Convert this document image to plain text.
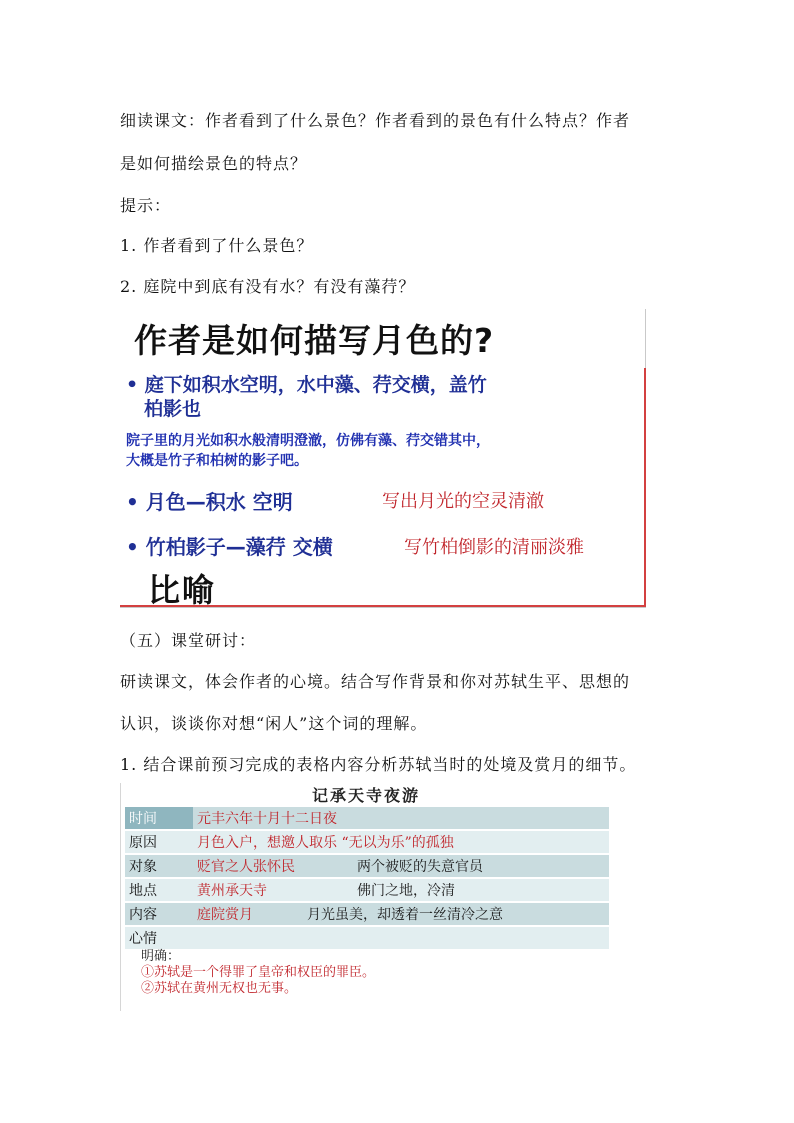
细读课文：作者看到了什么景色？作者看到的景色有什么特点？作者
是如何描绘景色的特点？
提示：
1. 作者看到了什么景色？
2. 庭院中到底有没有水？有没有藻荇？
作者是如何描写月色的?
• 庭下如积水空明，水中藻、荇交横，盖竹
柏影也
院子里的月光如积水般清明澄澈，仿佛有藻、荇交错其中，
大概是竹子和柏树的影子吧。
• 月色—积水 空明	写出月光的空灵清澈
• 竹柏影子—藻荇 交横	写竹柏倒影的清丽淡雅
比喻
（五）课堂研讨：
研读课文，体会作者的心境。结合写作背景和你对苏轼生平、思想的
认识，谈谈你对想“闲人”这个词的理解。
1. 结合课前预习完成的表格内容分析苏轼当时的处境及赏月的细节。
记承天寺夜游
时间	元丰六年十月十二日夜
原因	月色入户，想邀人取乐 “无以为乐”的孤独
对象	贬官之人张怀民 两个被贬的失意官员
地点	黄州承天寺 佛门之地，冷清
内容	庭院赏月 月光虽美，却透着一丝清冷之意
心情	
明确：
①苏轼是一个得罪了皇帝和权臣的罪臣。
②苏轼在黄州无权也无事。
